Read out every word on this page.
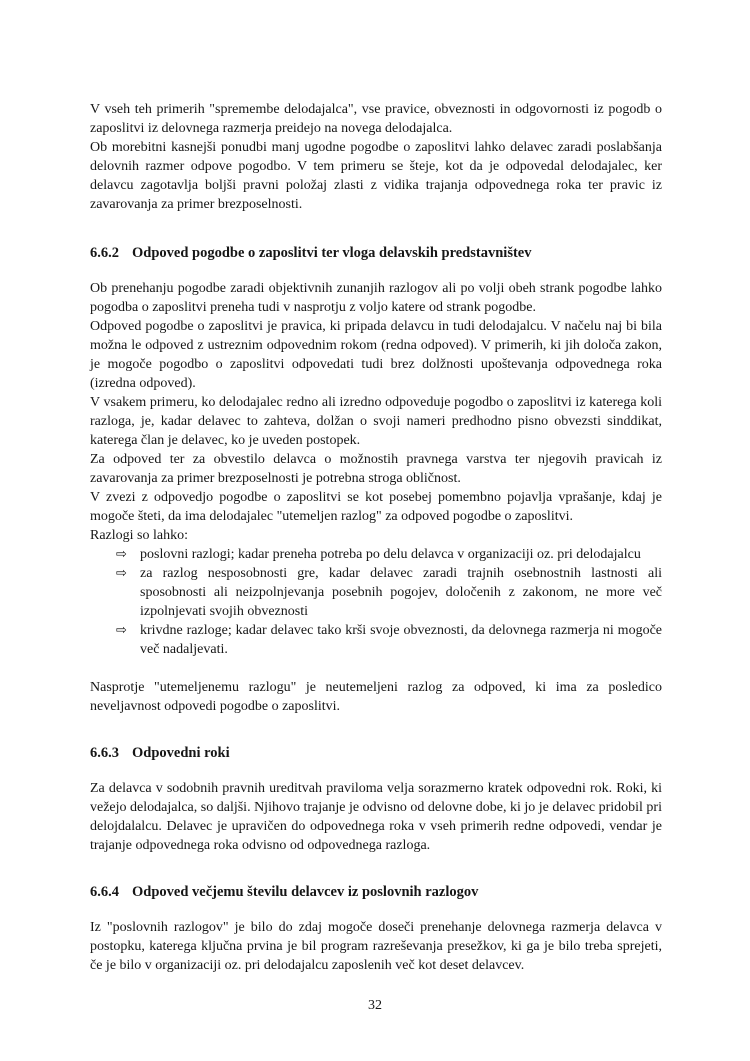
V vseh teh primerih "spremembe delodajalca", vse pravice, obveznosti in odgovornosti iz pogodb o zaposlitvi iz delovnega razmerja preidejo na novega delodajalca.

Ob morebitni kasnejši ponudbi manj ugodne pogodbe o zaposlitvi lahko delavec zaradi poslabšanja delovnih razmer odpove pogodbo. V tem primeru se šteje, kot da je odpovedal delodajalec, ker delavcu zagotavlja boljši pravni položaj zlasti z vidika trajanja odpovednega roka ter pravic iz zavarovanja za primer brezposelnosti.

6.6.2 Odpoved pogodbe o zaposlitvi ter vloga delavskih predstavništev

Ob prenehanju pogodbe zaradi objektivnih zunanjih razlogov ali po volji obeh strank pogodbe lahko pogodba o zaposlitvi preneha tudi v nasprotju z voljo katere od strank pogodbe.

Odpoved pogodbe o zaposlitvi je pravica, ki pripada delavcu in tudi delodajalcu. V načelu naj bi bila možna le odpoved z ustreznim odpovednim rokom (redna odpoved). V primerih, ki jih določa zakon, je mogoče pogodbo o zaposlitvi odpovedati tudi brez dolžnosti upoštevanja odpovednega roka (izredna odpoved).

V vsakem primeru, ko delodajalec redno ali izredno odpoveduje pogodbo o zaposlitvi iz katerega koli razloga, je, kadar delavec to zahteva, dolžan o svoji nameri predhodno pisno obvezsti sinddikat, katerega član je delavec, ko je uveden postopek.

Za odpoved ter za obvestilo delavca o možnostih pravnega varstva ter njegovih pravicah iz zavarovanja za primer brezposelnosti je potrebna stroga obličnost.

V zvezi z odpovedjo pogodbe o zaposlitvi se kot posebej pomembno pojavlja vprašanje, kdaj je mogoče šteti, da ima delodajalec "utemeljen razlog" za odpoved pogodbe o zaposlitvi.

Razlogi so lahko:

⇨ poslovni razlogi; kadar preneha potreba po delu delavca v organizaciji oz. pri delodajalcu
⇨ za razlog nesposobnosti gre, kadar delavec zaradi trajnih osebnostnih lastnosti ali sposobnosti ali neizpolnjevanja posebnih pogojev, določenih z zakonom, ne more več izpolnjevati svojih obveznosti
⇨ krivdne razloge; kadar delavec tako krši svoje obveznosti, da delovnega razmerja ni mogoče več nadaljevati.

Nasprotje "utemeljenemu razlogu" je neutemeljeni razlog za odpoved, ki ima za posledico neveljavnost odpovedi pogodbe o zaposlitvi.

6.6.3 Odpovedni roki

Za delavca v sodobnih pravnih ureditvah praviloma velja sorazmerno kratek odpovedni rok. Roki, ki vežejo delodajalca, so daljši. Njihovo trajanje je odvisno od delovne dobe, ki jo je delavec pridobil pri delojdalalcu. Delavec je upravičen do odpovednega roka v vseh primerih redne odpovedi, vendar je trajanje odpovednega roka odvisno od odpovednega razloga.

6.6.4 Odpoved večjemu številu delavcev iz poslovnih razlogov

Iz "poslovnih razlogov" je bilo do zdaj mogoče doseči prenehanje delovnega razmerja delavca v postopku, katerega ključna prvina je bil program razreševanja presežkov, ki ga je bilo treba sprejeti, če je bilo v organizaciji oz. pri delodajalcu zaposlenih več kot deset delavcev.

32
